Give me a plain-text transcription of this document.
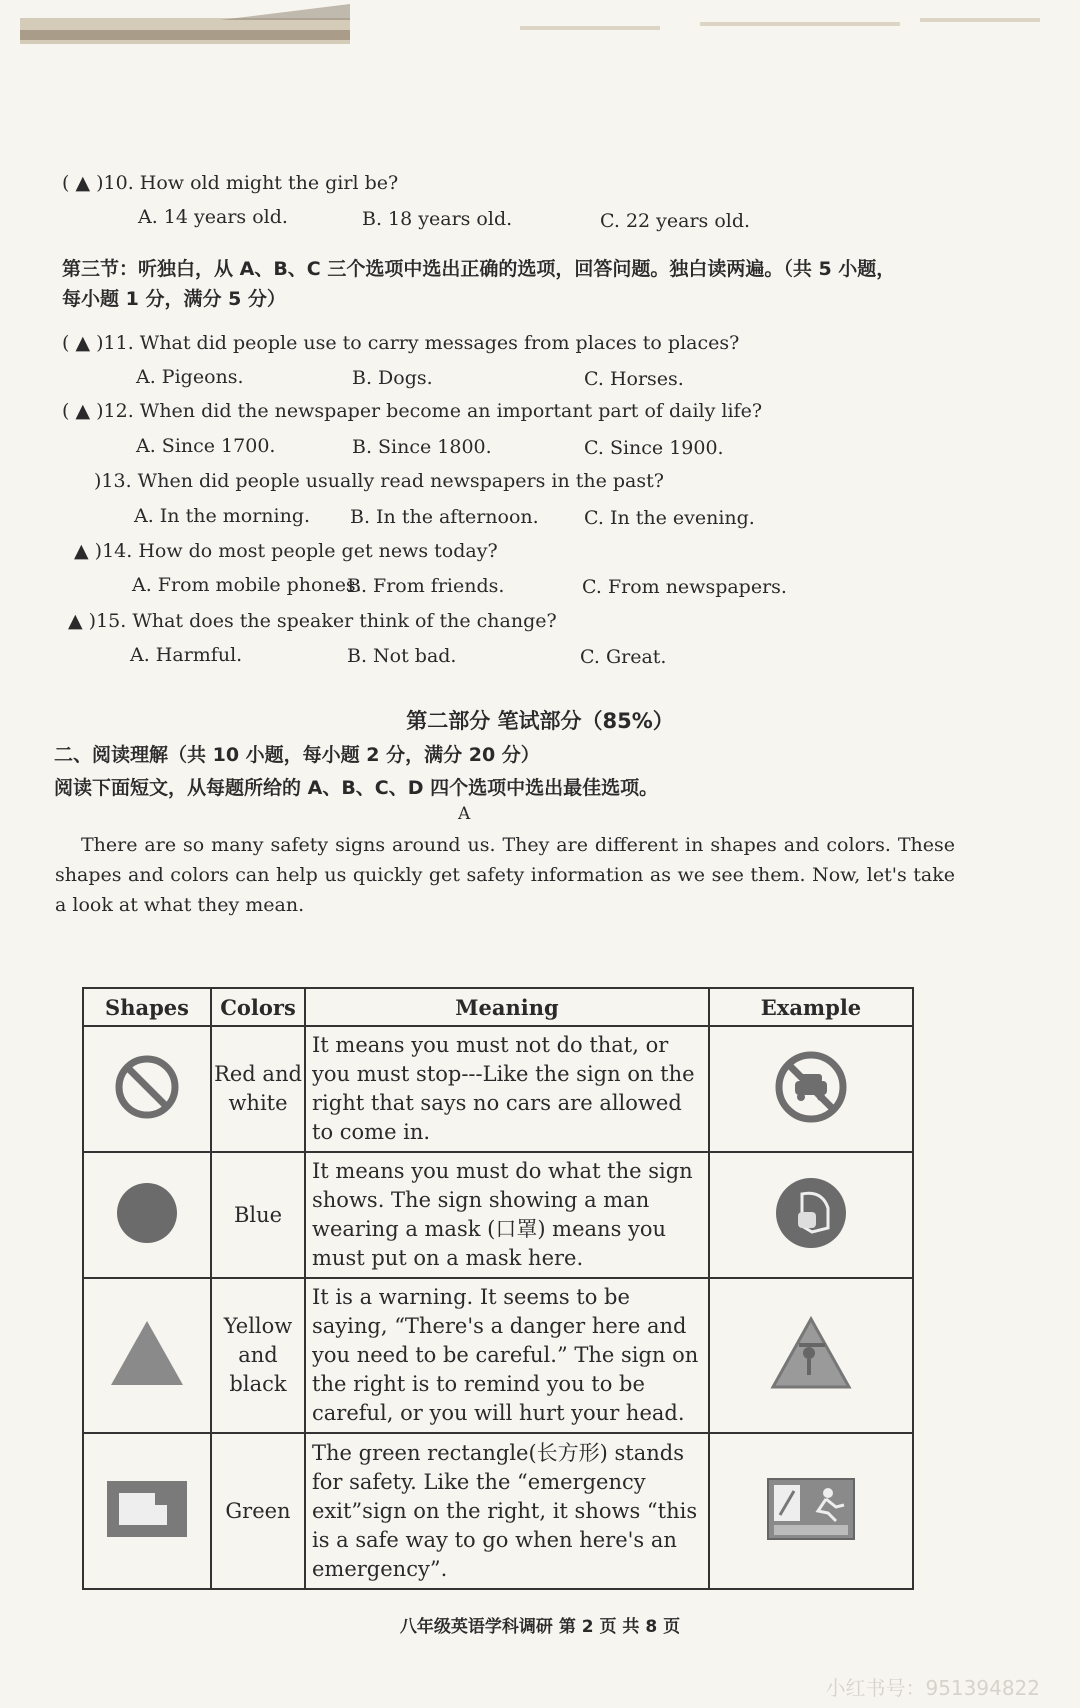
( ▲ )10. How old might the girl be?
A. 14 years old.	B. 18 years old.	C. 22 years old.
第三节：听独白，从 A、B、C 三个选项中选出正确的选项，回答问题。独白读两遍。（共 5 小题，
每小题 1 分，满分 5 分）
( ▲ )11. What did people use to carry messages from places to places?
A. Pigeons.	B. Dogs.	C. Horses.
( ▲ )12. When did the newspaper become an important part of daily life?
A. Since 1700.	B. Since 1800.	C. Since 1900.
)13. When did people usually read newspapers in the past?
A. In the morning. B. In the afternoon. C. In the evening.
▲ )14. How do most people get news today?
A. From mobile phones.
B. From friends.	C. From newspapers.
▲ )15. What does the speaker think of the change?
A. Harmful.	B. Not bad.	C. Great.
第二部分 笔试部分（85%）
二、阅读理解（共 10 小题，每小题 2 分，满分 20 分）
阅读下面短文，从每题所给的 A、B、C、D 四个选项中选出最佳选项。
A
There are so many safety signs around us. They are different in shapes and colors. These shapes and colors can help us quickly get safety information as we see them. Now, let's take a look at what they mean.
Shapes	Colors	Meaning	Example
	Red and white	It means you must not do that, or you must stop---Like the sign on the right that says no cars are allowed to come in.	
	Blue	It means you must do what the sign shows. The sign showing a man wearing a mask (口罩) means you must put on a mask here.	
	Yellow and black	It is a warning. It seems to be saying, “There's a danger here and you need to be careful.” The sign on the right is to remind you to be careful, or you will hurt your head.	
	Green	The green rectangle(长方形) stands for safety. Like the “emergency exit”sign on the right, it shows “this is a safe way to go when here's an emergency”.	
八年级英语学科调研 第 2 页 共 8 页
小红书号：951394822
